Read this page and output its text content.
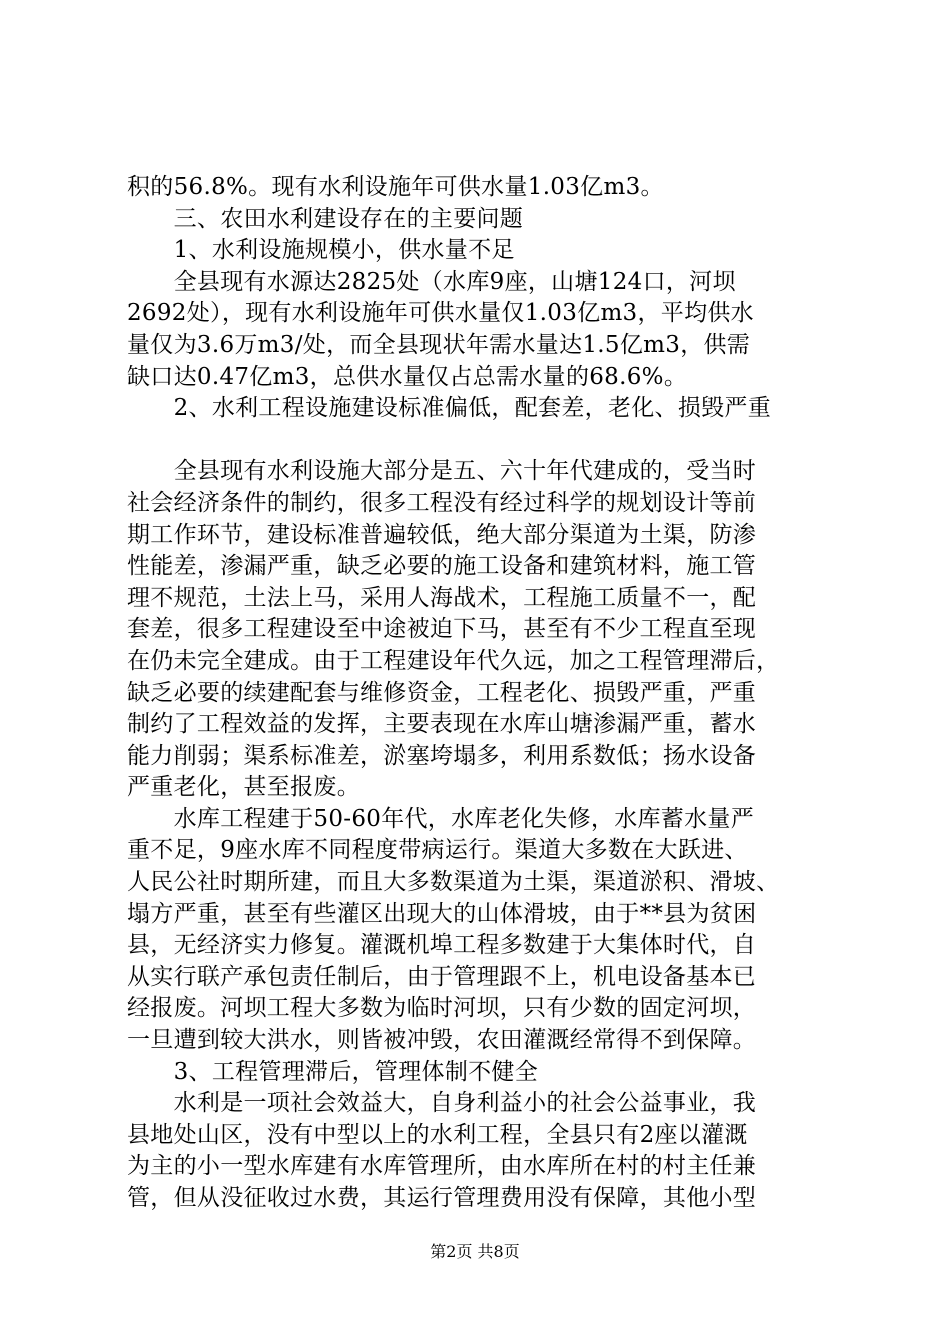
积的56.8%。现有水利设施年可供水量1.03亿m3。
　　三、农田水利建设存在的主要问题
　　1、水利设施规模小，供水量不足
　　全县现有水源达2825处（水库9座，山塘124口，河坝
2692处），现有水利设施年可供水量仅1.03亿m3，平均供水
量仅为3.6万m3/处，而全县现状年需水量达1.5亿m3，供需
缺口达0.47亿m3，总供水量仅占总需水量的68.6%。
　　2、水利工程设施建设标准偏低，配套差，老化、损毁严重
　　全县现有水利设施大部分是五、六十年代建成的，受当时
社会经济条件的制约，很多工程没有经过科学的规划设计等前
期工作环节，建设标准普遍较低，绝大部分渠道为土渠，防渗
性能差，渗漏严重，缺乏必要的施工设备和建筑材料，施工管
理不规范，土法上马，采用人海战术，工程施工质量不一，配
套差，很多工程建设至中途被迫下马，甚至有不少工程直至现
在仍未完全建成。由于工程建设年代久远，加之工程管理滞后，
缺乏必要的续建配套与维修资金，工程老化、损毁严重，严重
制约了工程效益的发挥，主要表现在水库山塘渗漏严重，蓄水
能力削弱；渠系标准差，淤塞垮塌多，利用系数低；扬水设备
严重老化，甚至报废。
　　水库工程建于50-60年代，水库老化失修，水库蓄水量严
重不足，9座水库不同程度带病运行。渠道大多数在大跃进、
人民公社时期所建，而且大多数渠道为土渠，渠道淤积、滑坡、
塌方严重，甚至有些灌区出现大的山体滑坡，由于**县为贫困
县，无经济实力修复。灌溉机埠工程多数建于大集体时代，自
从实行联产承包责任制后，由于管理跟不上，机电设备基本已
经报废。河坝工程大多数为临时河坝，只有少数的固定河坝，
一旦遭到较大洪水，则皆被冲毁，农田灌溉经常得不到保障。
　　3、工程管理滞后，管理体制不健全
　　水利是一项社会效益大，自身利益小的社会公益事业，我
县地处山区，没有中型以上的水利工程，全县只有2座以灌溉
为主的小一型水库建有水库管理所，由水库所在村的村主任兼
管，但从没征收过水费，其运行管理费用没有保障，其他小型
第2页 共8页
